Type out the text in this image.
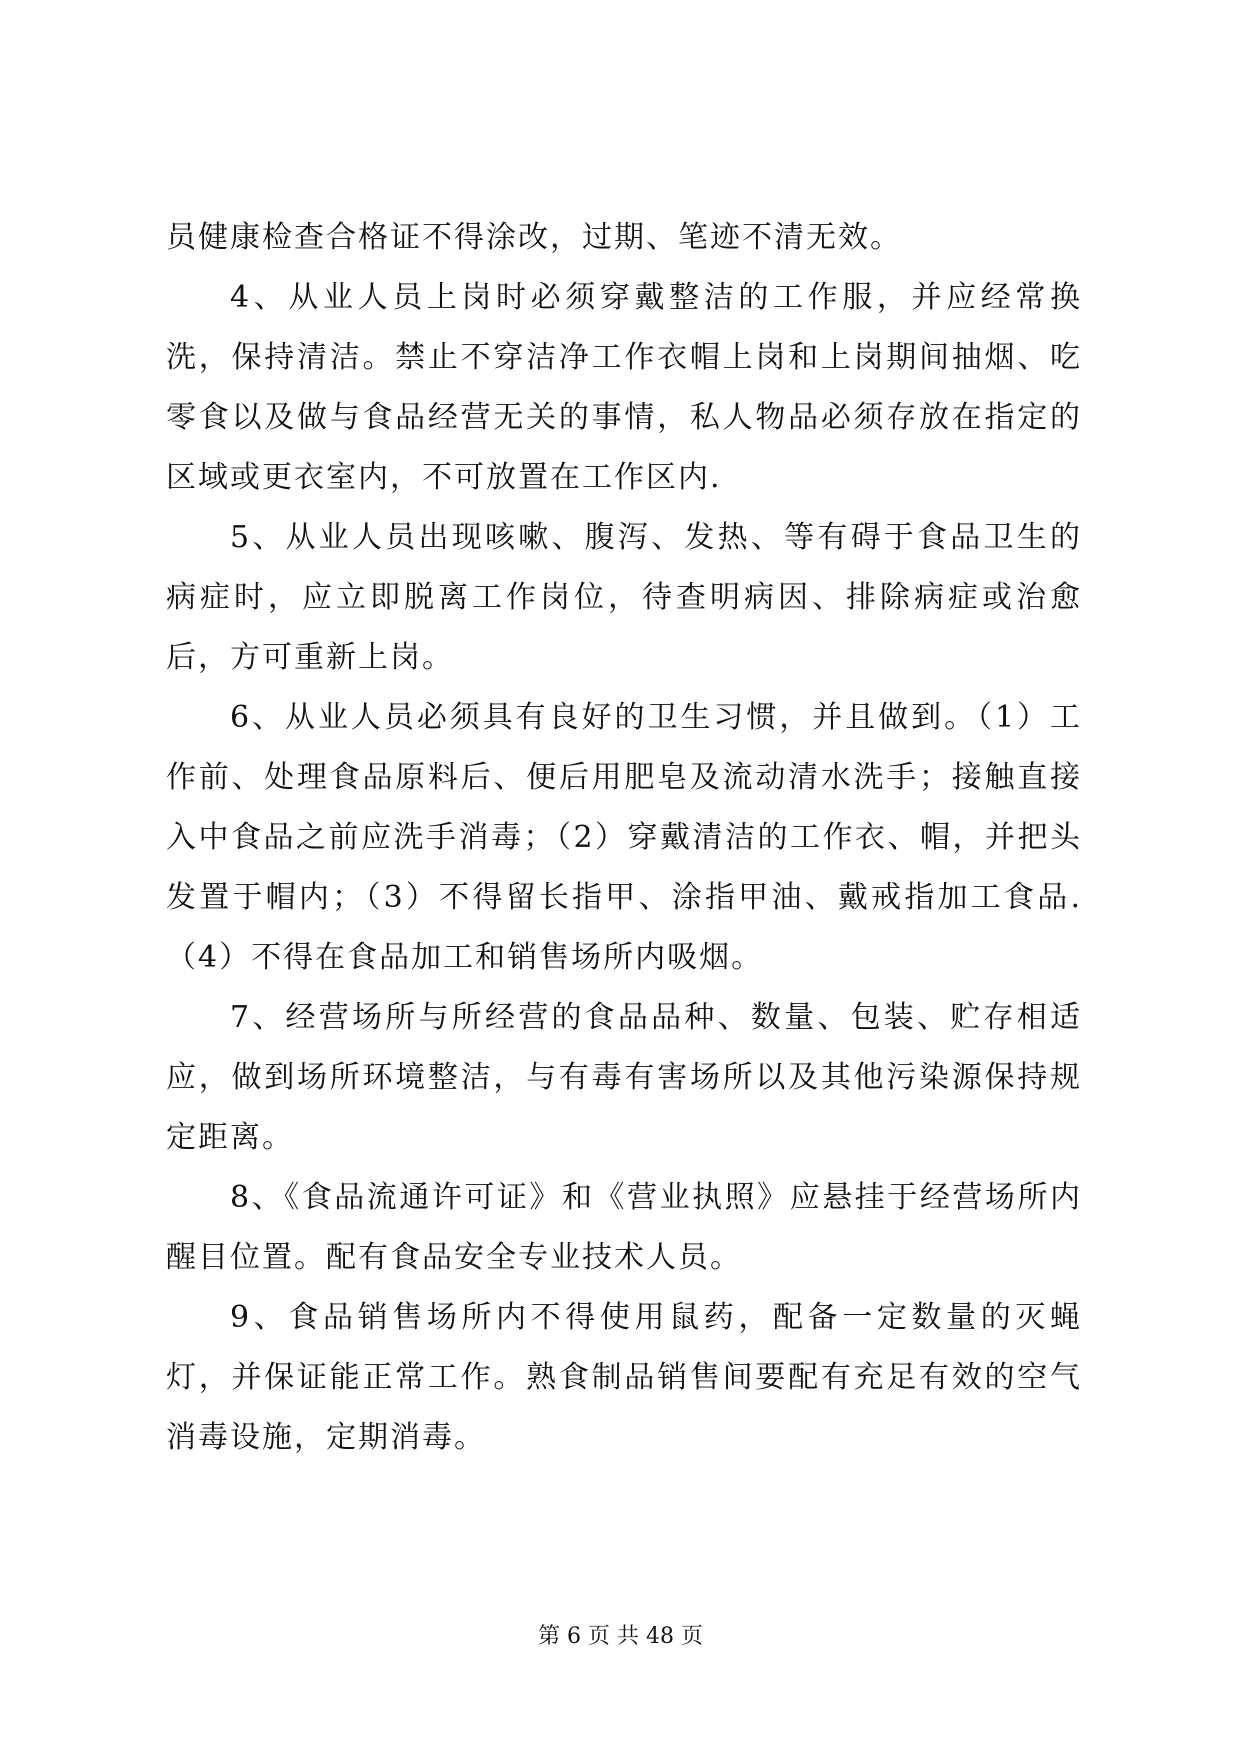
员健康检查合格证不得涂改，过期、笔迹不清无效。

4、从业人员上岗时必须穿戴整洁的工作服，并应经常换洗，保持清洁。禁止不穿洁净工作衣帽上岗和上岗期间抽烟、吃零食以及做与食品经营无关的事情，私人物品必须存放在指定的区域或更衣室内，不可放置在工作区内.

5、从业人员出现咳嗽、腹泻、发热、等有碍于食品卫生的病症时，应立即脱离工作岗位，待查明病因、排除病症或治愈后，方可重新上岗。

6、从业人员必须具有良好的卫生习惯，并且做到。（1）工作前、处理食品原料后、便后用肥皂及流动清水洗手；接触直接入中食品之前应洗手消毒；（2）穿戴清洁的工作衣、帽，并把头发置于帽内；（3）不得留长指甲、涂指甲油、戴戒指加工食品.（4）不得在食品加工和销售场所内吸烟。

7、经营场所与所经营的食品品种、数量、包装、贮存相适应，做到场所环境整洁，与有毒有害场所以及其他污染源保持规定距离。

8、《食品流通许可证》和《营业执照》应悬挂于经营场所内醒目位置。配有食品安全专业技术人员。

9、食品销售场所内不得使用鼠药，配备一定数量的灭蝇灯，并保证能正常工作。熟食制品销售间要配有充足有效的空气消毒设施，定期消毒。

第 6 页 共 48 页
